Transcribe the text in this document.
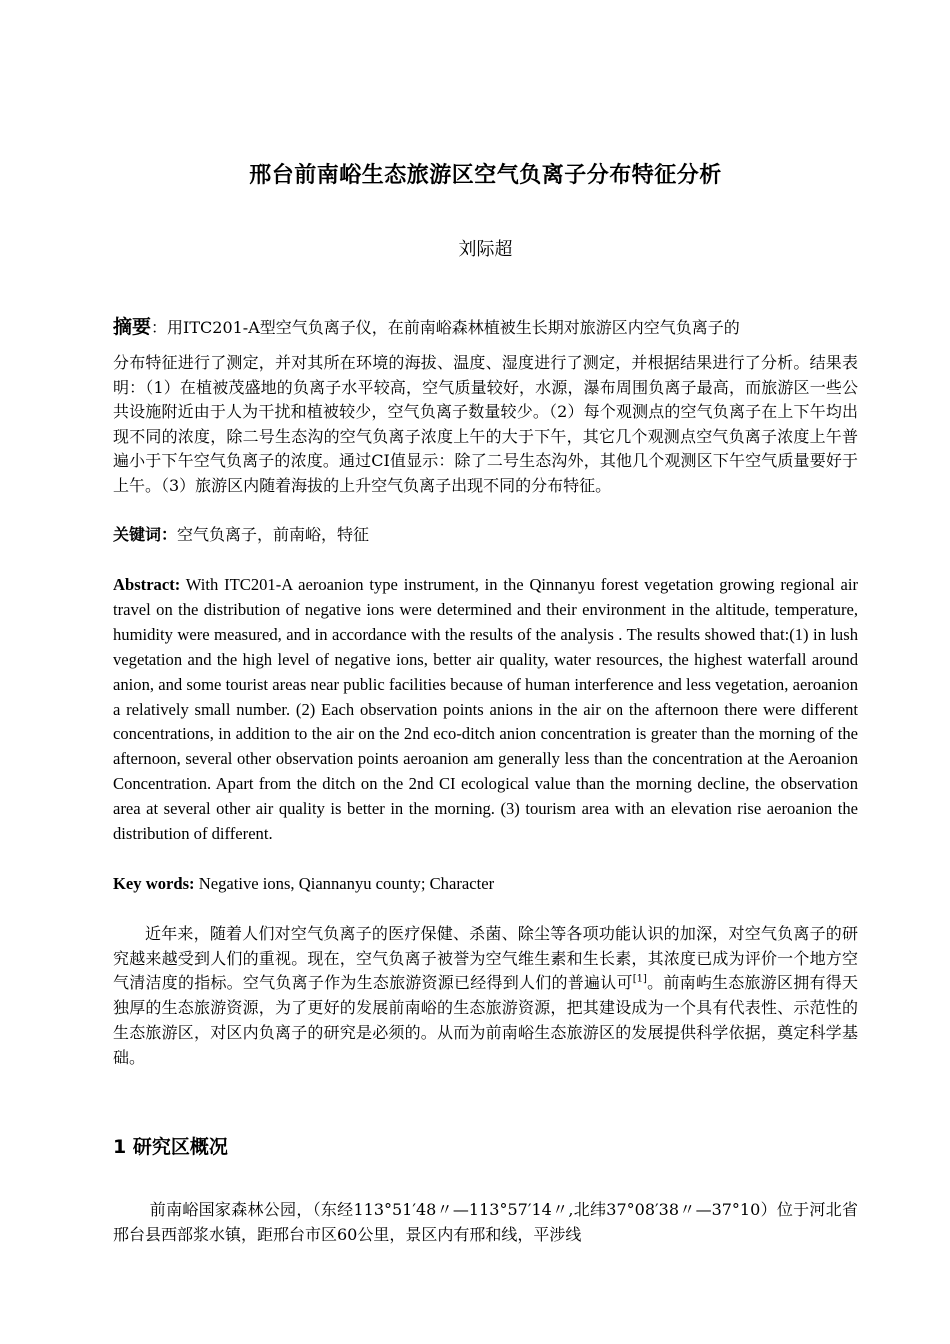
邢台前南峪生态旅游区空气负离子分布特征分析
刘际超

摘要：用ITC201-A型空气负离子仪，在前南峪森林植被生长期对旅游区内空气负离子的
分布特征进行了测定，并对其所在环境的海拔、温度、湿度进行了测定，并根据结果进行了分析。结果表明：（1）在植被茂盛地的负离子水平较高，空气质量较好，水源，瀑布周围负离子最高，而旅游区一些公共设施附近由于人为干扰和植被较少，空气负离子数量较少。（2）每个观测点的空气负离子在上下午均出现不同的浓度，除二号生态沟的空气负离子浓度上午的大于下午，其它几个观测点空气负离子浓度上午普遍小于下午空气负离子的浓度。通过CI值显示：除了二号生态沟外，其他几个观测区下午空气质量要好于上午。（3）旅游区内随着海拔的上升空气负离子出现不同的分布特征。

关键词：空气负离子，前南峪，特征

Abstract: With ITC201-A aeroanion type instrument, in the Qinnanyu forest vegetation growing regional air travel on the distribution of negative ions were determined and their environment in the altitude, temperature, humidity were measured, and in accordance with the results of the analysis . The results showed that:(1) in lush vegetation and the high level of negative ions, better air quality, water resources, the highest waterfall around anion, and some tourist areas near public facilities because of human interference and less vegetation, aeroanion a relatively small number. (2) Each observation points anions in the air on the afternoon there were different concentrations, in addition to the air on the 2nd eco-ditch anion concentration is greater than the morning of the afternoon, several other observation points aeroanion am generally less than the concentration at the Aeroanion Concentration. Apart from the ditch on the 2nd CI ecological value than the morning decline, the observation area at several other air quality is better in the morning. (3) tourism area with an elevation rise aeroanion the distribution of different.

Key words: Negative ions, Qiannanyu county; Character

近年来，随着人们对空气负离子的医疗保健、杀菌、除尘等各项功能认识的加深，对空气负离子的研究越来越受到人们的重视。现在，空气负离子被誉为空气维生素和生长素，其浓度已成为评价一个地方空气清洁度的指标。空气负离子作为生态旅游资源已经得到人们的普遍认可[1]。前南屿生态旅游区拥有得天独厚的生态旅游资源，为了更好的发展前南峪的生态旅游资源，把其建设成为一个具有代表性、示范性的生态旅游区，对区内负离子的研究是必须的。从而为前南峪生态旅游区的发展提供科学依据，奠定科学基础。

1 研究区概况

前南峪国家森林公园，（东经113°51′48〃—113°57′14〃,北纬37°08′38〃—37°10）位于河北省邢台县西部浆水镇，距邢台市区60公里，景区内有邢和线，平涉线
